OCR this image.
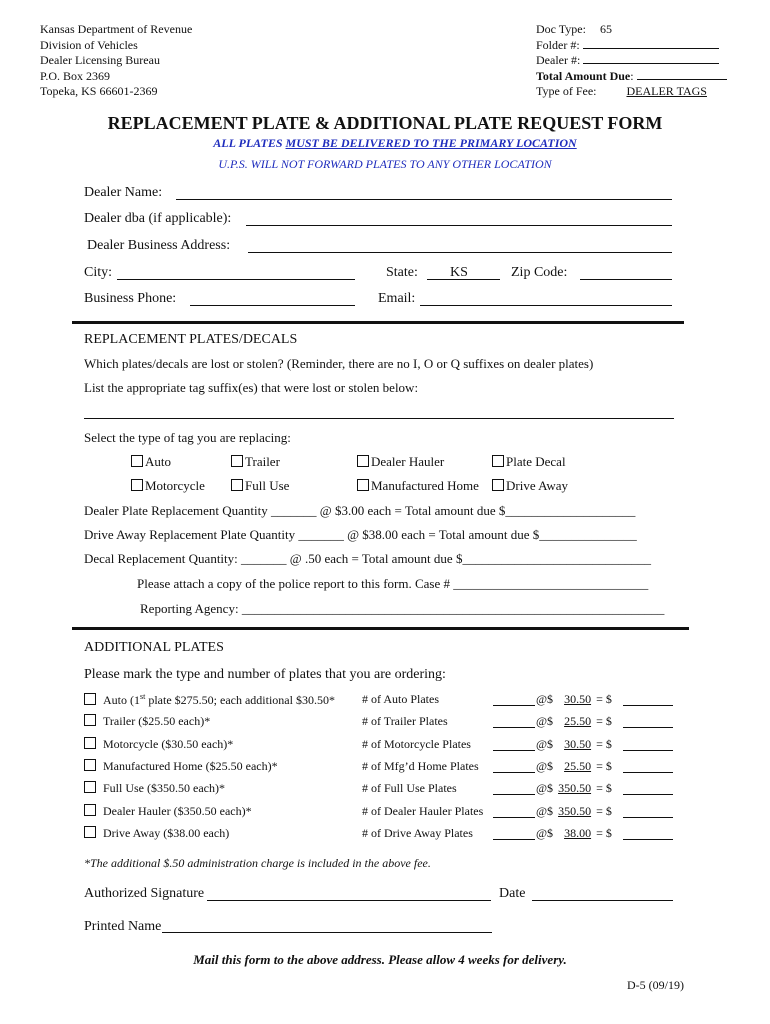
Kansas Department of Revenue
Division of Vehicles
Dealer Licensing Bureau
P.O. Box 2369
Topeka, KS 66601-2369
Doc Type: 65
Folder #:
Dealer #:
Total Amount Due:
Type of Fee:	DEALER TAGS
REPLACEMENT PLATE & ADDITIONAL PLATE REQUEST FORM
ALL PLATES MUST BE DELIVERED TO THE PRIMARY LOCATION
U.P.S. WILL NOT FORWARD PLATES TO ANY OTHER LOCATION
Dealer Name:
Dealer dba (if applicable):
Dealer Business Address:
City:	State: KS	Zip Code:
Business Phone:	Email:
REPLACEMENT PLATES/DECALS
Which plates/decals are lost or stolen? (Reminder, there are no I, O or Q suffixes on dealer plates)
List the appropriate tag suffix(es) that were lost or stolen below:
Select the type of tag you are replacing:
Auto	Trailer	Dealer Hauler	Plate Decal
Motorcycle	Full Use	Manufactured Home	Drive Away
Dealer Plate Replacement Quantity _______ @ $3.00 each = Total amount due $____________________
Drive Away Replacement Plate Quantity _______ @ $38.00 each = Total amount due $_______________
Decal Replacement Quantity: _______ @ .50 each = Total amount due $_____________________________
Please attach a copy of the police report to this form. Case # ______________________________
Reporting Agency: _________________________________________________________________
ADDITIONAL PLATES
Please mark the type and number of plates that you are ordering:
Auto (1st plate $275.50; each additional $30.50* # of Auto Plates	@$ 30.50 = $
Trailer ($25.50 each)*	# of Trailer Plates	@$ 25.50 = $
Motorcycle ($30.50 each)*	# of Motorcycle Plates	@$ 30.50 = $
Manufactured Home ($25.50 each)*	# of Mfg’d Home Plates	@$ 25.50 = $
Full Use ($350.50 each)*	# of Full Use Plates	@$ 350.50 = $
Dealer Hauler ($350.50 each)*	# of Dealer Hauler Plates	@$ 350.50 = $
Drive Away ($38.00 each)	# of Drive Away Plates	@$ 38.00 = $
*The additional $.50 administration charge is included in the above fee.
Authorized Signature	Date
Printed Name
Mail this form to the above address. Please allow 4 weeks for delivery.
D-5 (09/19)
